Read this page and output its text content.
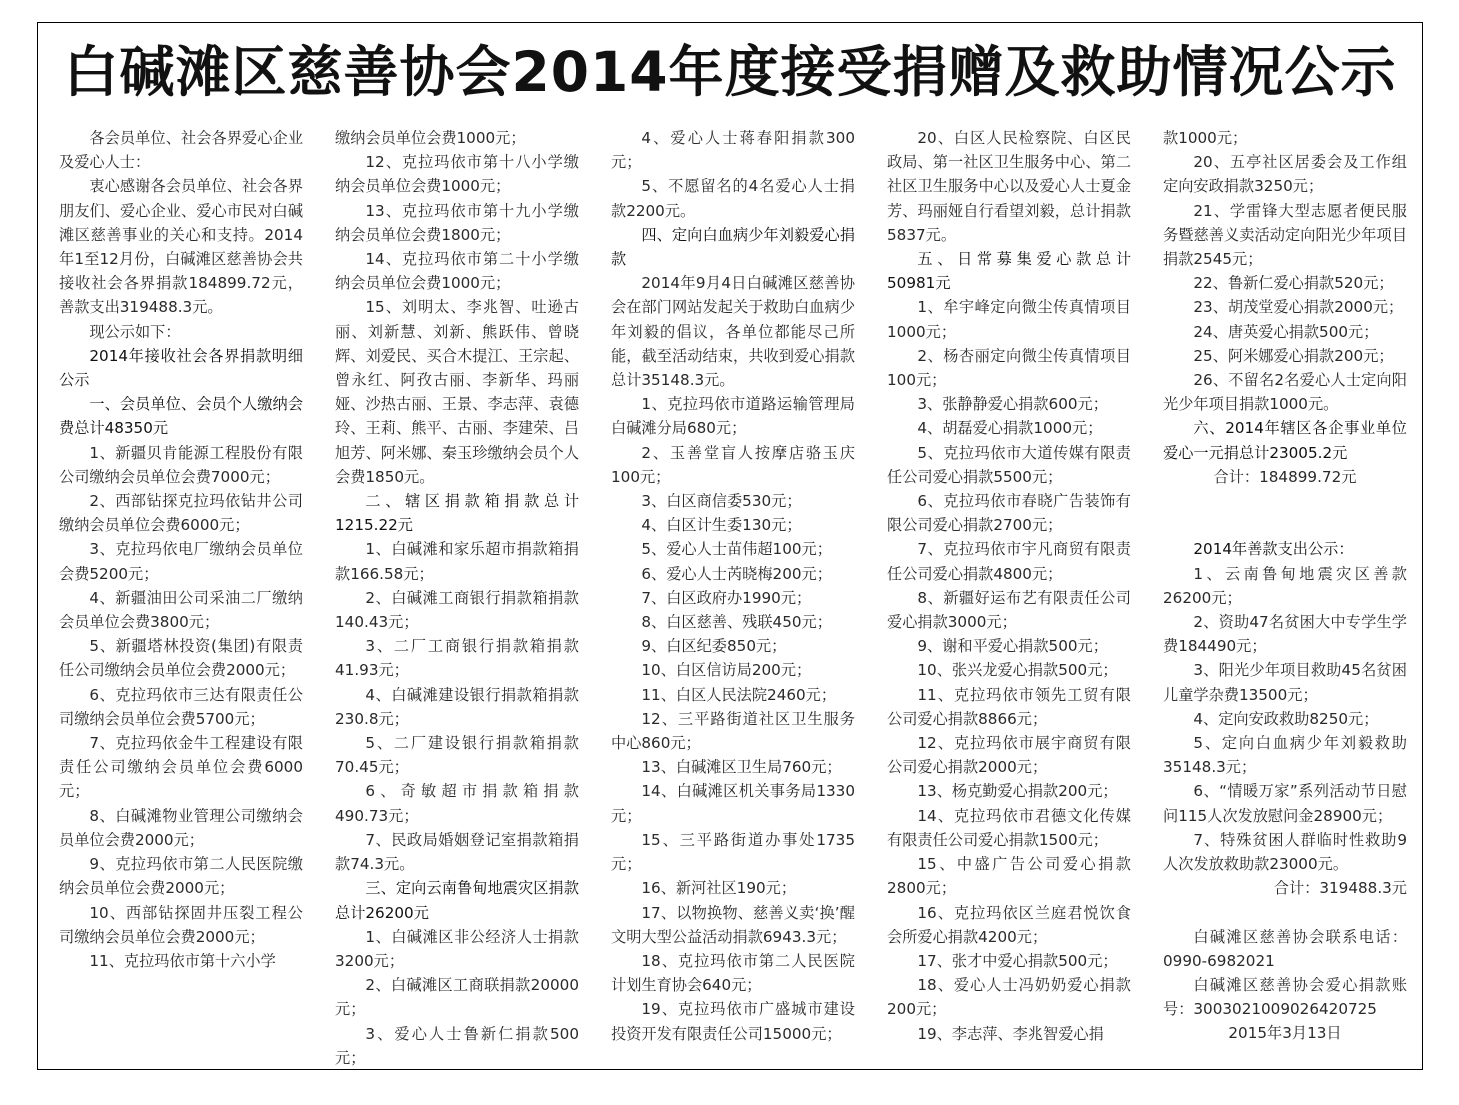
白碱滩区慈善协会2014年度接受捐赠及救助情况公示

各会员单位、社会各界爱心企业及爱心人士：

衷心感谢各会员单位、社会各界朋友们、爱心企业、爱心市民对白碱滩区慈善事业的关心和支持。2014年1至12月份，白碱滩区慈善协会共接收社会各界捐款184899.72元，善款支出319488.3元。

现公示如下：

2014年接收社会各界捐款明细公示

一、会员单位、会员个人缴纳会费总计48350元

1、新疆贝肯能源工程股份有限公司缴纳会员单位会费7000元；

2、西部钻探克拉玛依钻井公司缴纳会员单位会费6000元；

3、克拉玛依电厂缴纳会员单位会费5200元；

4、新疆油田公司采油二厂缴纳会员单位会费3800元；

5、新疆塔林投资(集团)有限责任公司缴纳会员单位会费2000元；

6、克拉玛依市三达有限责任公司缴纳会员单位会费5700元；

7、克拉玛依金牛工程建设有限责任公司缴纳会员单位会费6000元；

8、白碱滩物业管理公司缴纳会员单位会费2000元；

9、克拉玛依市第二人民医院缴纳会员单位会费2000元；

10、西部钻探固井压裂工程公司缴纳会员单位会费2000元；

11、克拉玛依市第十六小学

缴纳会员单位会费1000元；

12、克拉玛依市第十八小学缴纳会员单位会费1000元；

13、克拉玛依市第十九小学缴纳会员单位会费1800元；

14、克拉玛依市第二十小学缴纳会员单位会费1000元；

15、刘明太、李兆智、吐逊古丽、刘新慧、刘新、熊跃伟、曾晓辉、刘爱民、买合木提江、王宗起、曾永红、阿孜古丽、李新华、玛丽娅、沙热古丽、王景、李志萍、袁德玲、王莉、熊平、古丽、李建荣、吕旭芳、阿米娜、秦玉珍缴纳会员个人会费1850元。

二、辖区捐款箱捐款总计1215.22元

1、白碱滩和家乐超市捐款箱捐款166.58元；

2、白碱滩工商银行捐款箱捐款140.43元；

3、二厂工商银行捐款箱捐款41.93元；

4、白碱滩建设银行捐款箱捐款230.8元；

5、二厂建设银行捐款箱捐款70.45元；

6、奇敏超市捐款箱捐款490.73元；

7、民政局婚姻登记室捐款箱捐款74.3元。

三、定向云南鲁甸地震灾区捐款总计26200元

1、白碱滩区非公经济人士捐款3200元；

2、白碱滩区工商联捐款20000元；

3、爱心人士鲁新仁捐款500元；

4、爱心人士蒋春阳捐款300元；

5、不愿留名的4名爱心人士捐款2200元。

四、定向白血病少年刘毅爱心捐款

2014年9月4日白碱滩区慈善协会在部门网站发起关于救助白血病少年刘毅的倡议，各单位都能尽己所能，截至活动结束，共收到爱心捐款总计35148.3元。

1、克拉玛依市道路运输管理局白碱滩分局680元；

2、玉善堂盲人按摩店骆玉庆100元；

3、白区商信委530元；

4、白区计生委130元；

5、爱心人士苗伟超100元；

6、爱心人士芮晓梅200元；

7、白区政府办1990元；

8、白区慈善、残联450元；

9、白区纪委850元；

10、白区信访局200元；

11、白区人民法院2460元；

12、三平路街道社区卫生服务中心860元；

13、白碱滩区卫生局760元；

14、白碱滩区机关事务局1330元；

15、三平路街道办事处1735元；

16、新河社区190元；

17、以物换物、慈善义卖‘换’醒文明大型公益活动捐款6943.3元；

18、克拉玛依市第二人民医院计划生育协会640元；

19、克拉玛依市广盛城市建设投资开发有限责任公司15000元；

20、白区人民检察院、白区民政局、第一社区卫生服务中心、第二社区卫生服务中心以及爱心人士夏金芳、玛丽娅自行看望刘毅，总计捐款5837元。

五、日常募集爱心款总计50981元

1、牟宇峰定向微尘传真情项目1000元；

2、杨杏丽定向微尘传真情项目100元；

3、张静静爱心捐款600元；

4、胡磊爱心捐款1000元；

5、克拉玛依市大道传媒有限责任公司爱心捐款5500元；

6、克拉玛依市春晓广告装饰有限公司爱心捐款2700元；

7、克拉玛依市宇凡商贸有限责任公司爱心捐款4800元；

8、新疆好运布艺有限责任公司爱心捐款3000元；

9、谢和平爱心捐款500元；

10、张兴龙爱心捐款500元；

11、克拉玛依市领先工贸有限公司爱心捐款8866元；

12、克拉玛依市展宇商贸有限公司爱心捐款2000元；

13、杨克勤爱心捐款200元；

14、克拉玛依市君德文化传媒有限责任公司爱心捐款1500元；

15、中盛广告公司爱心捐款2800元；

16、克拉玛依区兰庭君悦饮食会所爱心捐款4200元；

17、张才中爱心捐款500元；

18、爱心人士冯奶奶爱心捐款200元；

19、李志萍、李兆智爱心捐

款1000元；

20、五亭社区居委会及工作组定向安政捐款3250元；

21、学雷锋大型志愿者便民服务暨慈善义卖活动定向阳光少年项目捐款2545元；

22、鲁新仁爱心捐款520元；

23、胡茂堂爱心捐款2000元；

24、唐英爱心捐款500元；

25、阿米娜爱心捐款200元；

26、不留名2名爱心人士定向阳光少年项目捐款1000元。

六、2014年辖区各企事业单位爱心一元捐总计23005.2元

合计：184899.72元

2014年善款支出公示：

1、云南鲁甸地震灾区善款26200元；

2、资助47名贫困大中专学生学费184490元；

3、阳光少年项目救助45名贫困儿童学杂费13500元；

4、定向安政救助8250元；

5、定向白血病少年刘毅救助35148.3元；

6、“情暖万家”系列活动节日慰问115人次发放慰问金28900元；

7、特殊贫困人群临时性救助9人次发放救助款23000元。

合计：319488.3元

白碱滩区慈善协会联系电话：0990-6982021

白碱滩区慈善协会爱心捐款账号：3003021009026420725

2015年3月13日
